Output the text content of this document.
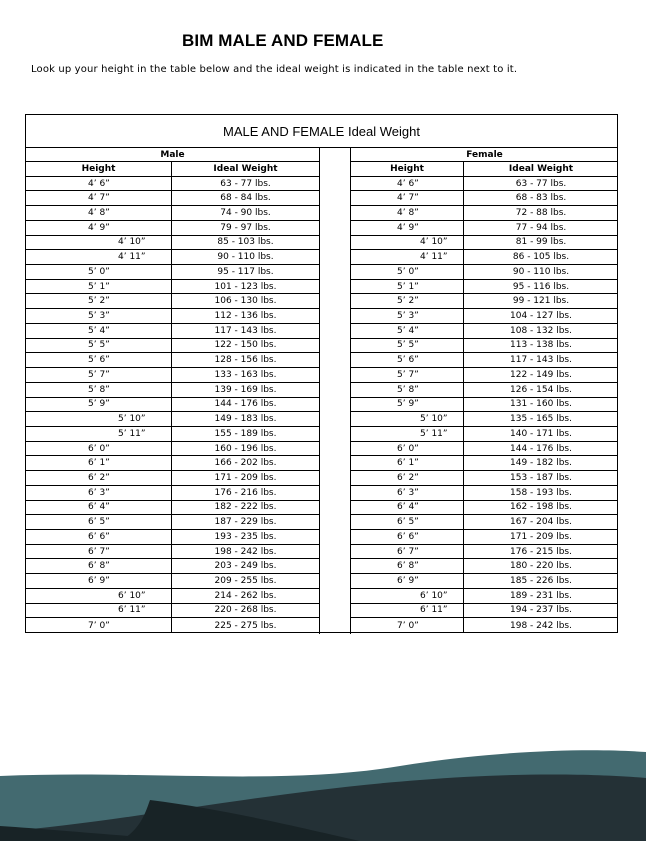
BIM MALE AND FEMALE
Look up your height in the table below and the ideal weight is indicated in the table next to it.
MALE AND FEMALE Ideal Weight
Male
Height	Ideal Weight
4’ 6”	63 - 77 lbs.
4’ 7”	68 - 84 lbs.
4’ 8”	74 - 90 lbs.
4’ 9”	79 - 97 lbs.
4’ 10”	85 - 103 lbs.
4’ 11”	90 - 110 lbs.
5’ 0”	95 - 117 lbs.
5’ 1”	101 - 123 lbs.
5’ 2”	106 - 130 lbs.
5’ 3”	112 - 136 lbs.
5’ 4”	117 - 143 lbs.
5’ 5”	122 - 150 lbs.
5’ 6”	128 - 156 lbs.
5’ 7”	133 - 163 lbs.
5’ 8”	139 - 169 lbs.
5’ 9”	144 - 176 lbs.
5’ 10”	149 - 183 lbs.
5’ 11”	155 - 189 lbs.
6’ 0”	160 - 196 lbs.
6’ 1”	166 - 202 lbs.
6’ 2”	171 - 209 lbs.
6’ 3”	176 - 216 lbs.
6’ 4”	182 - 222 lbs.
6’ 5”	187 - 229 lbs.
6’ 6”	193 - 235 lbs.
6’ 7”	198 - 242 lbs.
6’ 8”	203 - 249 lbs.
6’ 9”	209 - 255 lbs.
6’ 10”	214 - 262 lbs.
6’ 11”	220 - 268 lbs.
7’ 0”	225 - 275 lbs.
Female
Height	Ideal Weight
4’ 6”	63 - 77 lbs.
4’ 7”	68 - 83 lbs.
4’ 8”	72 - 88 lbs.
4’ 9”	77 - 94 lbs.
4’ 10”	81 - 99 lbs.
4’ 11”	86 - 105 lbs.
5’ 0”	90 - 110 lbs.
5’ 1”	95 - 116 lbs.
5’ 2”	99 - 121 lbs.
5’ 3”	104 - 127 lbs.
5’ 4”	108 - 132 lbs.
5’ 5”	113 - 138 lbs.
5’ 6”	117 - 143 lbs.
5’ 7”	122 - 149 lbs.
5’ 8”	126 - 154 lbs.
5’ 9”	131 - 160 lbs.
5’ 10”	135 - 165 lbs.
5’ 11”	140 - 171 lbs.
6’ 0”	144 - 176 lbs.
6’ 1”	149 - 182 lbs.
6’ 2”	153 - 187 lbs.
6’ 3”	158 - 193 lbs.
6’ 4”	162 - 198 lbs.
6’ 5”	167 - 204 lbs.
6’ 6”	171 - 209 lbs.
6’ 7”	176 - 215 lbs.
6’ 8”	180 - 220 lbs.
6’ 9”	185 - 226 lbs.
6’ 10”	189 - 231 lbs.
6’ 11”	194 - 237 lbs.
7’ 0”	198 - 242 lbs.
